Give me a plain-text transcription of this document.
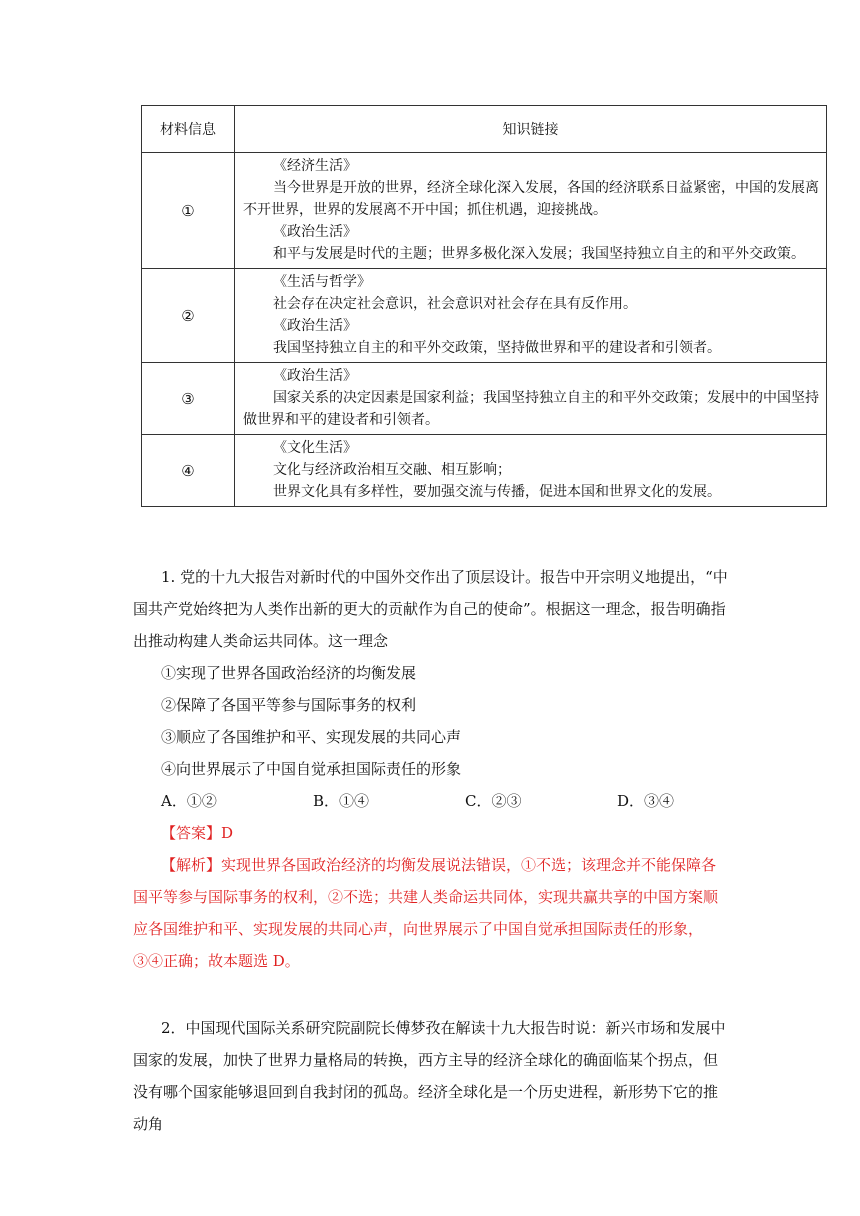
材料信息	知识链接
①	《经济生活》
当今世界是开放的世界，经济全球化深入发展，各国的经济联系日益紧密，中国的发展离不开世界，世界的发展离不开中国；抓住机遇，迎接挑战。
《政治生活》
和平与发展是时代的主题；世界多极化深入发展；我国坚持独立自主的和平外交政策。

②	《生活与哲学》
社会存在决定社会意识，社会意识对社会存在具有反作用。
《政治生活》
我国坚持独立自主的和平外交政策，坚持做世界和平的建设者和引领者。

③	《政治生活》
国家关系的决定因素是国家利益；我国坚持独立自主的和平外交政策；发展中的中国坚持做世界和平的建设者和引领者。

④	《文化生活》
文化与经济政治相互交融、相互影响；
世界文化具有多样性，要加强交流与传播，促进本国和世界文化的发展。

1. 党的十九大报告对新时代的中国外交作出了顶层设计。报告中开宗明义地提出，“中国共产党始终把为人类作出新的更大的贡献作为自己的使命”。根据这一理念，报告明确指出推动构建人类命运共同体。这一理念

①实现了世界各国政治经济的均衡发展

②保障了各国平等参与国际事务的权利

③顺应了各国维护和平、实现发展的共同心声

④向世界展示了中国自觉承担国际责任的形象

A．①②	B．①④	C．②③	D．③④

【答案】D

【解析】实现世界各国政治经济的均衡发展说法错误，①不选；该理念并不能保障各国平等参与国际事务的权利，②不选；共建人类命运共同体，实现共赢共享的中国方案顺应各国维护和平、实现发展的共同心声，向世界展示了中国自觉承担国际责任的形象，③④正确；故本题选 D。

2．中国现代国际关系研究院副院长傅梦孜在解读十九大报告时说：新兴市场和发展中国家的发展，加快了世界力量格局的转换，西方主导的经济全球化的确面临某个拐点，但没有哪个国家能够退回到自我封闭的孤岛。经济全球化是一个历史进程，新形势下它的推动角
